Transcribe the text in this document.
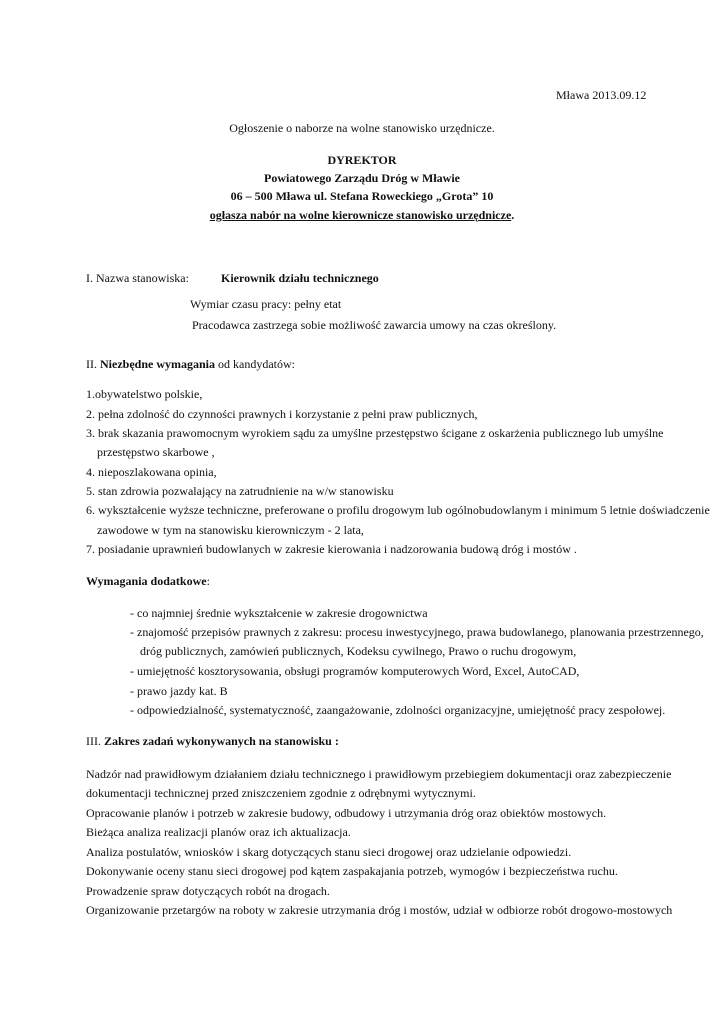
Mława 2013.09.12

Ogłoszenie o naborze na wolne stanowisko urzędnicze.

DYREKTOR

Powiatowego Zarządu Dróg w Mławie

06 – 500 Mława ul. Stefana Roweckiego „Grota” 10

ogłasza nabór na wolne kierownicze stanowisko urzędnicze.

I. Nazwa stanowiska:	Kierownik działu technicznego

Wymiar czasu pracy: pełny etat

Pracodawca zastrzega sobie możliwość zawarcia umowy na czas określony.

II. Niezbędne wymagania od kandydatów:

1.obywatelstwo polskie,

2. pełna zdolność do czynności prawnych i korzystanie z pełni praw publicznych,

3. brak skazania prawomocnym wyrokiem sądu za umyślne przestępstwo ścigane z oskarżenia publicznego lub umyślne

przestępstwo skarbowe ,

4. nieposzlakowana opinia,

5. stan zdrowia pozwalający na zatrudnienie na w/w stanowisku

6. wykształcenie wyższe techniczne, preferowane o profilu drogowym lub ogólnobudowlanym i minimum 5 letnie doświadczenie

zawodowe w tym na stanowisku kierowniczym - 2 lata,

7. posiadanie uprawnień budowlanych w zakresie kierowania i nadzorowania budową dróg i mostów .

Wymagania dodatkowe:

- co najmniej średnie wykształcenie w zakresie drogownictwa

- znajomość przepisów prawnych z zakresu: procesu inwestycyjnego, prawa budowlanego, planowania przestrzennego,

dróg publicznych, zamówień publicznych, Kodeksu cywilnego, Prawo o ruchu drogowym,

- umiejętność kosztorysowania, obsługi programów komputerowych Word, Excel, AutoCAD,

- prawo jazdy kat. B

- odpowiedzialność, systematyczność, zaangażowanie, zdolności organizacyjne, umiejętność pracy zespołowej.

III. Zakres zadań wykonywanych na stanowisku :

Nadzór nad prawidłowym działaniem działu technicznego i prawidłowym przebiegiem dokumentacji oraz zabezpieczenie

dokumentacji technicznej przed zniszczeniem zgodnie z odrębnymi wytycznymi.

Opracowanie planów i potrzeb w zakresie budowy, odbudowy i utrzymania dróg oraz obiektów mostowych.

Bieżąca analiza realizacji planów oraz ich aktualizacja.

Analiza postulatów, wniosków i skarg dotyczących stanu sieci drogowej oraz udzielanie odpowiedzi.

Dokonywanie oceny stanu sieci drogowej pod kątem zaspakajania potrzeb, wymogów i bezpieczeństwa ruchu.

Prowadzenie spraw dotyczących robót na drogach.

Organizowanie przetargów na roboty w zakresie utrzymania dróg i mostów, udział w odbiorze robót drogowo-mostowych
